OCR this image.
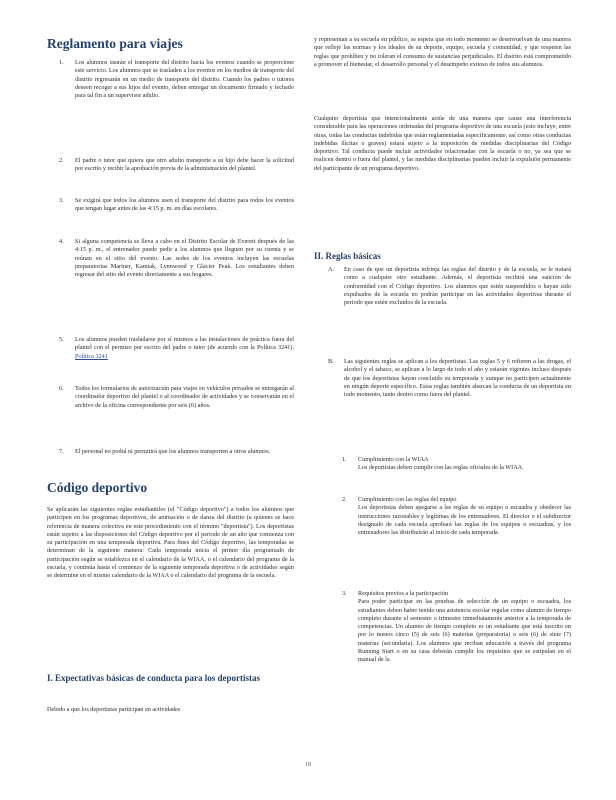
Reglamento para viajes
1. Los alumnos usarán el transporte del distrito hacia los eventos cuando se proporcione este servicio. Los alumnos que se trasladen a los eventos en los medios de transporte del distrito regresarán en un medio de transporte del distrito. Cuando los padres o tutores deseen recoger a sus hijos del evento, deben entregar un documento firmado y fechado para tal fin a un supervisor adulto.

2. El padre o tutor que quiera que otro adulto transporte a su hijo debe hacer la solicitud por escrito y recibir la aprobación previa de la administración del plantel.

3. Se exigirá que todos los alumnos usen el transporte del distrito para todos los eventos que tengan lugar antes de las 4:15 p. m. en días escolares.

4. Si alguna competencia se lleva a cabo en el Distrito Escolar de Everett después de las 4:15 p. m., el entrenador puede pedir a los alumnos que lleguen por su cuenta y se reúnan en el sitio del evento. Las sedes de los eventos incluyen las escuelas preparatorias Mariner, Kamiak, Lynnwood y Glacier Peak. Los estudiantes deben regresar del sitio del evento directamente a sus hogares.

5. Los alumnos pueden trasladarse por sí mismos a las instalaciones de práctica fuera del plantel con el permiso por escrito del padre o tutor (de acuerdo con la Política 3241). Política 3241

6. Todos los formularios de autorización para viajes en vehículos privados se entregarán al coordinador deportivo del plantel o al coordinador de actividades y se conservarán en el archivo de la oficina correspondiente por seis (6) años.

7. El personal no podrá ni permitirá que los alumnos transporten a otros alumnos.

Código deportivo

Se aplicarán las siguientes reglas estudiantiles (el "Código deportivo") a todos los alumnos que participen en los programas deportivos, de animación o de danza del distrito (a quienes se hace referencia de manera colectiva en este procedimiento con el término "deportista"). Los deportistas están sujetos a las disposiciones del Código deportivo por el periodo de un año que comienza con su participación en una temporada deportiva. Para fines del Código deportivo, las temporadas se determinan de la siguiente manera: Cada temporada inicia el primer día programado de participación según se establezca en el calendario de la WIAA, o el calendario del programa de la escuela, y continúa hasta el comienzo de la siguiente temporada deportiva o de actividades según se determine en el mismo calendario de la WIAA o el calendario del programa de la escuela.

I. Expectativas básicas de conducta para los deportistas

Debido a que los deportistas participan en actividades

y representan a su escuela en público, se espera que en todo momento se desenvuelvan de una manera que refleje las normas y los ideales de su deporte, equipo, escuela y comunidad, y que respeten las reglas que prohíben y no toleran el consumo de sustancias perjudiciales. El distrito está comprometido a promover el bienestar, el desarrollo personal y el desempeño exitoso de todos sus alumnos.

Cualquier deportista que intencionalmente actúe de una manera que cause una interferencia considerable para las operaciones ordenadas del programa deportivo de una escuela (esto incluye, entre otras, todas las conductas indebidas que están reglamentadas específicamente, así como otras conductas indebidas ilícitas o graves) estará sujeto a la imposición de medidas disciplinarias del Código deportivo. Tal conducta puede incluir actividades relacionadas con la escuela o no, ya sea que se realicen dentro o fuera del plantel, y las medidas disciplinarias pueden incluir la expulsión permanente del participante de un programa deportivo.

II. Reglas básicas
A. En caso de que un deportista infrinja las reglas del distrito y de la escuela, se le tratará como a cualquier otro estudiante. Además, el deportista recibirá una sanción de conformidad con el Código deportivo. Los alumnos que estén suspendidos o hayan sido expulsados de la escuela no podrán participar en las actividades deportivas durante el periodo que estén excluidos de la escuela.

B. Las siguientes reglas se aplican a los deportistas. Las reglas 5 y 6 refieren a las drogas, el alcohol y el tabaco, se aplican a lo largo de todo el año y estarán vigentes incluso después de que los deportistas hayan concluido su temporada y aunque no participen actualmente en ningún deporte específico. Estas reglas también abarcan la conducta de un deportista en todo momento, tanto dentro como fuera del plantel.

1. Cumplimiento con la WIAA
Los deportistas deben cumplir con las reglas oficiales de la WIAA.

2. Cumplimiento con las reglas del equipo
Los deportistas deben apegarse a las reglas de su equipo o escuadra y obedecer las instrucciones razonables y legítimas de los entrenadores. El director o el subdirector designado de cada escuela aprobará las reglas de los equipos o escuadras, y los entrenadores las distribuirán al inicio de cada temporada.

3. Requisitos previos a la participación
Para poder participar en las pruebas de selección de un equipo o escuadra, los estudiantes deben haber tenido una asistencia escolar regular como alumno de tiempo completo durante el semestre o trimestre inmediatamente anterior a la temporada de competencias. Un alumno de tiempo completo es un estudiante que está inscrito en por lo menos cinco (5) de seis (6) materias (preparatoria) o seis (6) de siete (7) materias (secundaria). Los alumnos que reciban educación a través del programa Running Start o en su casa deberán cumplir los requisitos que se estipulan en el manual de la

18
